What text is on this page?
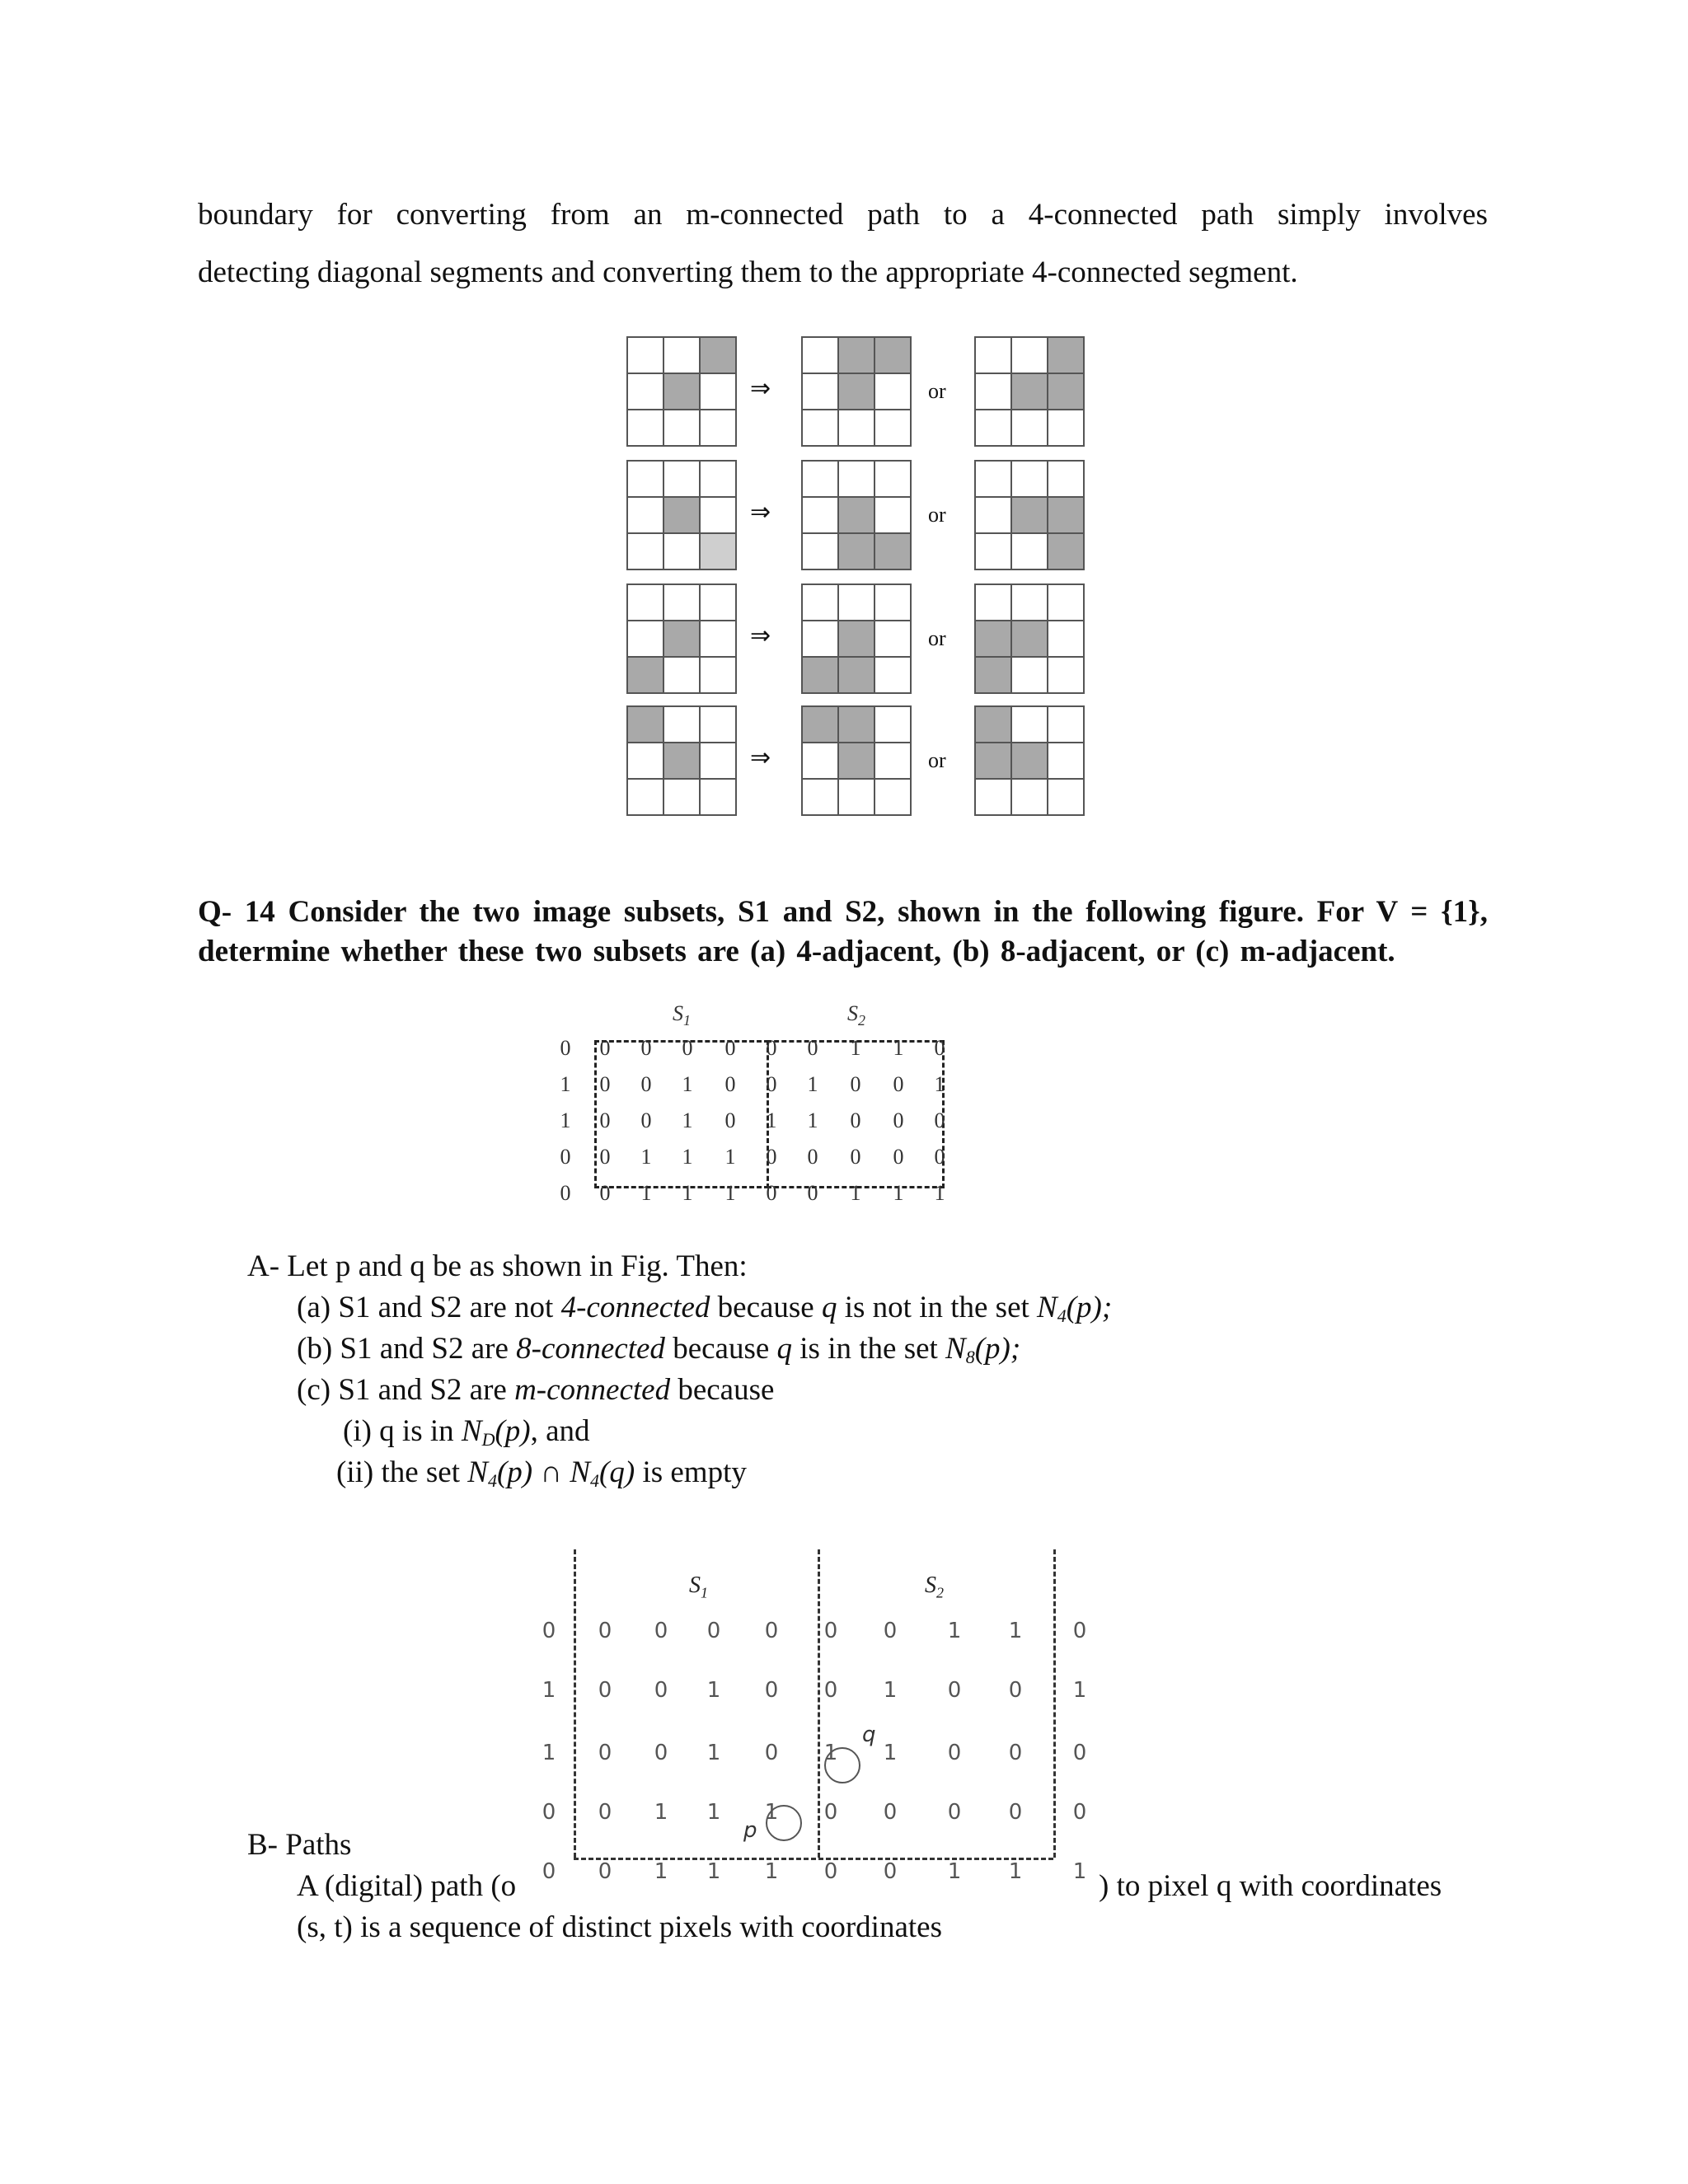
boundary for converting from an m-connected path to a 4-connected path simply involves
detecting diagonal segments and converting them to the appropriate 4-connected segment.
⇒	or
⇒	or
⇒	or
⇒	or
Q- 14 Consider the two image subsets, S1 and S2, shown in the following figure. For V = {1},
determine whether these two subsets are (a) 4-adjacent, (b) 8-adjacent, or (c) m-adjacent.
$S_1$	$S_2$
0	0	0	0	0	0	0	1	1	0
1	0	0	1	0	0	1	0	0	1
1	0	0	1	0	1	1	0	0	0
0	0	1	1	1	0	0	0	0	0
0	0	1	1	1	0	0	1	1	1
A- Let p and q be as shown in Fig. Then:
(a) S1 and S2 are not 4-connected because q is not in the set $N_4(p)$;
(b) S1 and S2 are 8-connected because q is in the set $N_8(p)$;
(c) S1 and S2 are m-connected because
(i) q is in $N_D(p)$, and
(ii) the set $N_4(p)$ ∩ $N_4(q)$ is empty
$S_1$	$S_2$
q
p
0	0	0	0	0	0	0	1	1	0
1	0	0	1	0	0	1	0	0	1
1	0	0	1	0	1	1	0	0	0
0	0	1	1	1	0	0	0	0	0
0	0	1	1	1	0	0	1	1	1
B- Paths
A (digital) path (o	) to pixel q with coordinates
(s, t) is a sequence of distinct pixels with coordinates
